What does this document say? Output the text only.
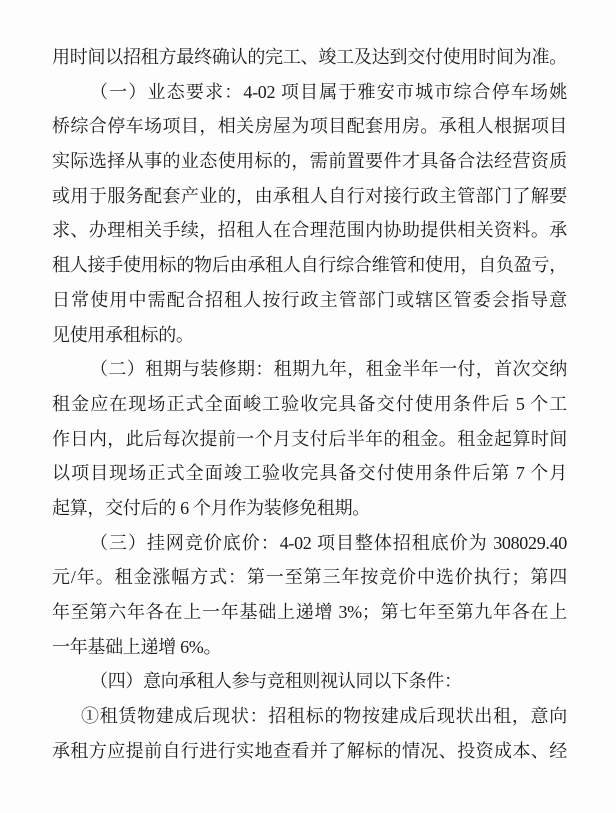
用时间以招租方最终确认的完工、竣工及达到交付使用时间为准。
（一）业态要求：4-02 项目属于雅安市城市综合停车场姚
桥综合停车场项目，相关房屋为项目配套用房。承租人根据项目
实际选择从事的业态使用标的，需前置要件才具备合法经营资质
或用于服务配套产业的，由承租人自行对接行政主管部门了解要
求、办理相关手续，招租人在合理范围内协助提供相关资料。承
租人接手使用标的物后由承租人自行综合维管和使用，自负盈亏，
日常使用中需配合招租人按行政主管部门或辖区管委会指导意
见使用承租标的。
（二）租期与装修期：租期九年，租金半年一付，首次交纳
租金应在现场正式全面峻工验收完具备交付使用条件后 5 个工
作日内，此后每次提前一个月支付后半年的租金。租金起算时间
以项目现场正式全面竣工验收完具备交付使用条件后第 7 个月
起算，交付后的 6 个月作为装修免租期。
（三）挂网竞价底价：4-02 项目整体招租底价为 308029.40
元/年。租金涨幅方式：第一至第三年按竞价中选价执行；第四
年至第六年各在上一年基础上递增 3%；第七年至第九年各在上
一年基础上递增 6%。
（四）意向承租人参与竞租则视认同以下条件：
①租赁物建成后现状：招租标的物按建成后现状出租，意向
承租方应提前自行进行实地查看并了解标的情况、投资成本、经
